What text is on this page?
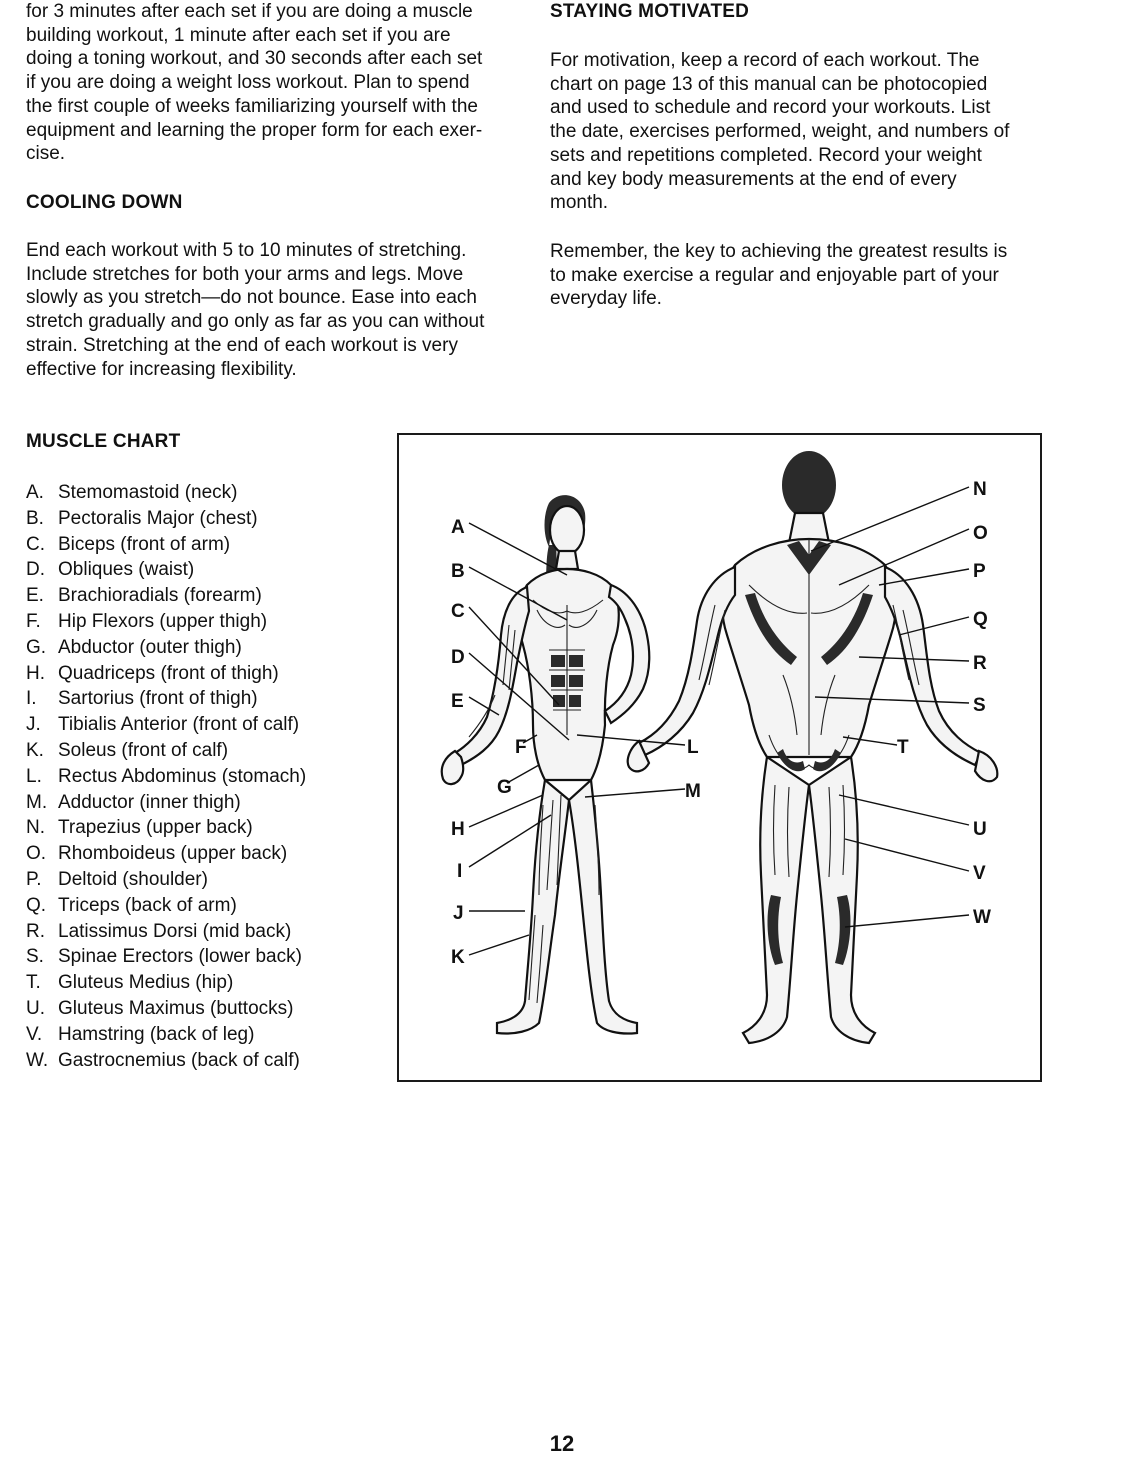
for 3 minutes after each set if you are doing a muscle
building workout, 1 minute after each set if you are
doing a toning workout, and 30 seconds after each set
if you are doing a weight loss workout. Plan to spend
the first couple of weeks familiarizing yourself with the
equipment and learning the proper form for each exer-
cise.

COOLING DOWN

End each workout with 5 to 10 minutes of stretching.
Include stretches for both your arms and legs. Move
slowly as you stretch—do not bounce. Ease into each
stretch gradually and go only as far as you can without
strain. Stretching at the end of each workout is very
effective for increasing flexibility.

STAYING MOTIVATED

For motivation, keep a record of each workout. The
chart on page 13 of this manual can be photocopied
and used to schedule and record your workouts. List
the date, exercises performed, weight, and numbers of
sets and repetitions completed. Record your weight
and key body measurements at the end of every
month.

Remember, the key to achieving the greatest results is
to make exercise a regular and enjoyable part of your
everyday life.

MUSCLE CHART
A. Stemomastoid (neck)
B. Pectoralis Major (chest)
C. Biceps (front of arm)
D. Obliques (waist)
E. Brachioradials (forearm)
F. Hip Flexors (upper thigh)
G. Abductor (outer thigh)
H. Quadriceps (front of thigh)
I.	Sartorius (front of thigh)
J. Tibialis Anterior (front of calf)
K. Soleus (front of calf)
L. Rectus Abdominus (stomach)
M. Adductor (inner thigh)
N. Trapezius (upper back)
O. Rhomboideus (upper back)
P. Deltoid (shoulder)
Q. Triceps (back of arm)
R. Latissimus Dorsi (mid back)
S. Spinae Erectors (lower back)
T. Gluteus Medius (hip)
U. Gluteus Maximus (buttocks)
V. Hamstring (back of leg)
W. Gastrocnemius (back of calf)
A
B
C
D
E
F
G
H
I
J
K
L
M
N
O
P
Q
R
S
T
U
V
W
12
